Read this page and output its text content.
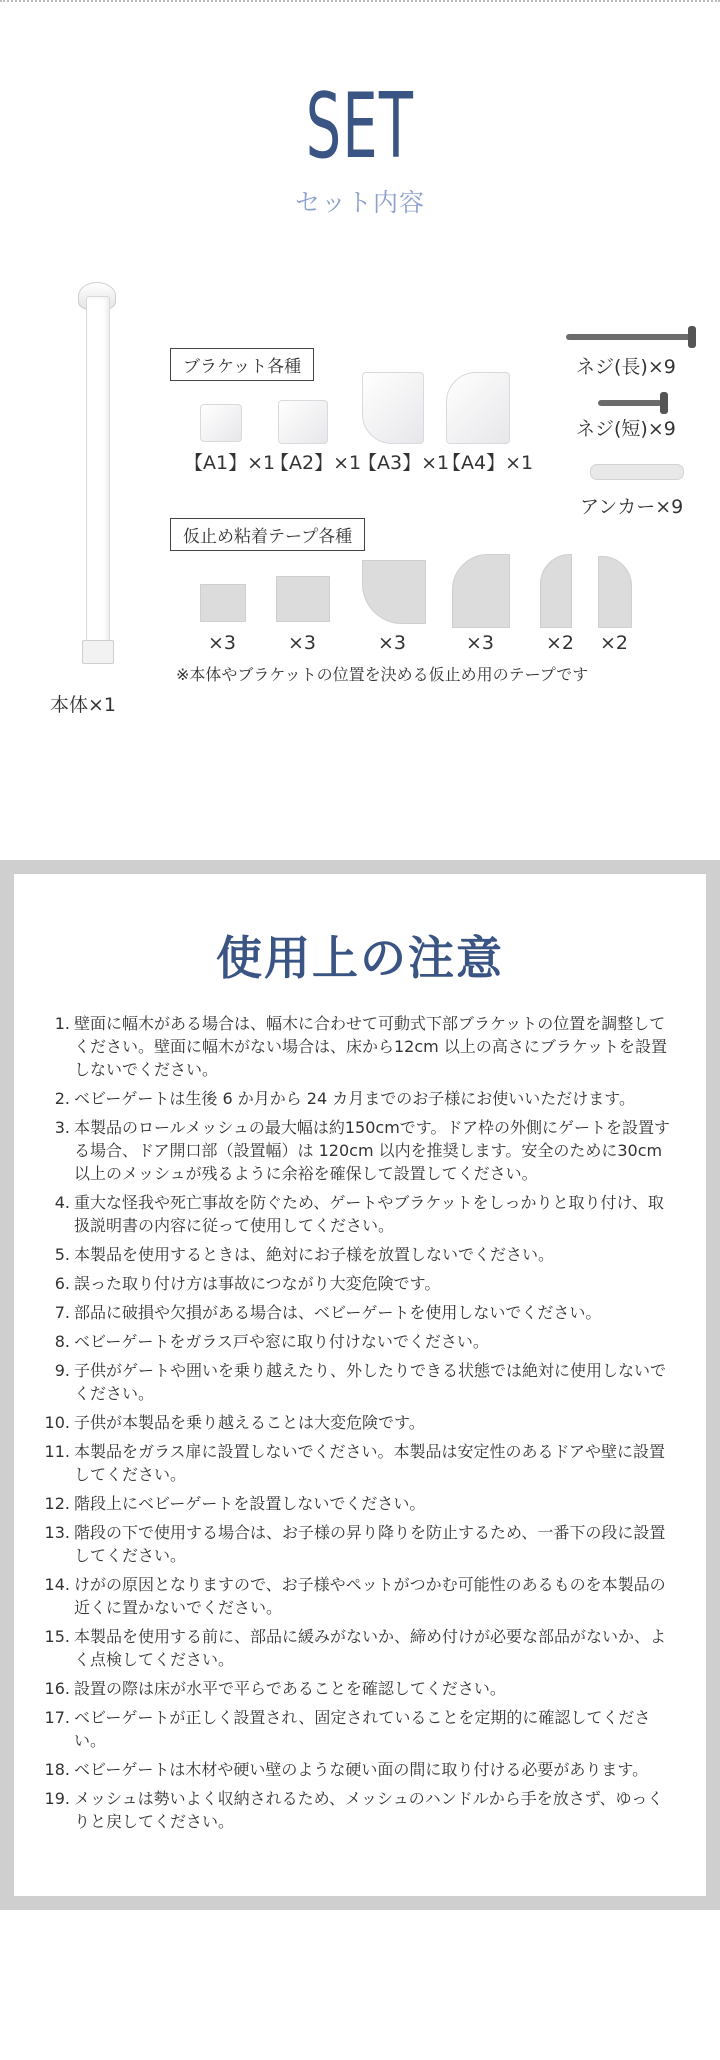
SET
セット内容
本体×1
ブラケット各種
【A1】×1
【A2】×1
【A3】×1
【A4】×1
ネジ(長)×9
ネジ(短)×9
アンカー×9
仮止め粘着テープ各種
×3	×3	×3	×3	×2 ×2
※本体やブラケットの位置を決める仮止め用のテープです
使用上の注意
1. 壁面に幅木がある場合は、幅木に合わせて可動式下部ブラケットの位置を調整してください。壁面に幅木がない場合は、床から12cm 以上の高さにブラケットを設置しないでください。
2. ベビーゲートは生後 6 か月から 24 カ月までのお子様にお使いいただけます。
3. 本製品のロールメッシュの最大幅は約150cmです。ドア枠の外側にゲートを設置する場合、ドア開口部（設置幅）は 120cm 以内を推奨します。安全のために30cm 以上のメッシュが残るように余裕を確保して設置してください。
4. 重大な怪我や死亡事故を防ぐため、ゲートやブラケットをしっかりと取り付け、取扱説明書の内容に従って使用してください。
5. 本製品を使用するときは、絶対にお子様を放置しないでください。
6. 誤った取り付け方は事故につながり大変危険です。
7. 部品に破損や欠損がある場合は、ベビーゲートを使用しないでください。
8. ベビーゲートをガラス戸や窓に取り付けないでください。
9. 子供がゲートや囲いを乗り越えたり、外したりできる状態では絶対に使用しないでください。
10. 子供が本製品を乗り越えることは大変危険です。
11. 本製品をガラス扉に設置しないでください。本製品は安定性のあるドアや壁に設置してください。
12. 階段上にベビーゲートを設置しないでください。
13. 階段の下で使用する場合は、お子様の昇り降りを防止するため、一番下の段に設置してください。
14. けがの原因となりますので、お子様やペットがつかむ可能性のあるものを本製品の近くに置かないでください。
15. 本製品を使用する前に、部品に緩みがないか、締め付けが必要な部品がないか、よく点検してください。
16. 設置の際は床が水平で平らであることを確認してください。
17. ベビーゲートが正しく設置され、固定されていることを定期的に確認してください。
18. ベビーゲートは木材や硬い壁のような硬い面の間に取り付ける必要があります。
19. メッシュは勢いよく収納されるため、メッシュのハンドルから手を放さず、ゆっくりと戻してください。
